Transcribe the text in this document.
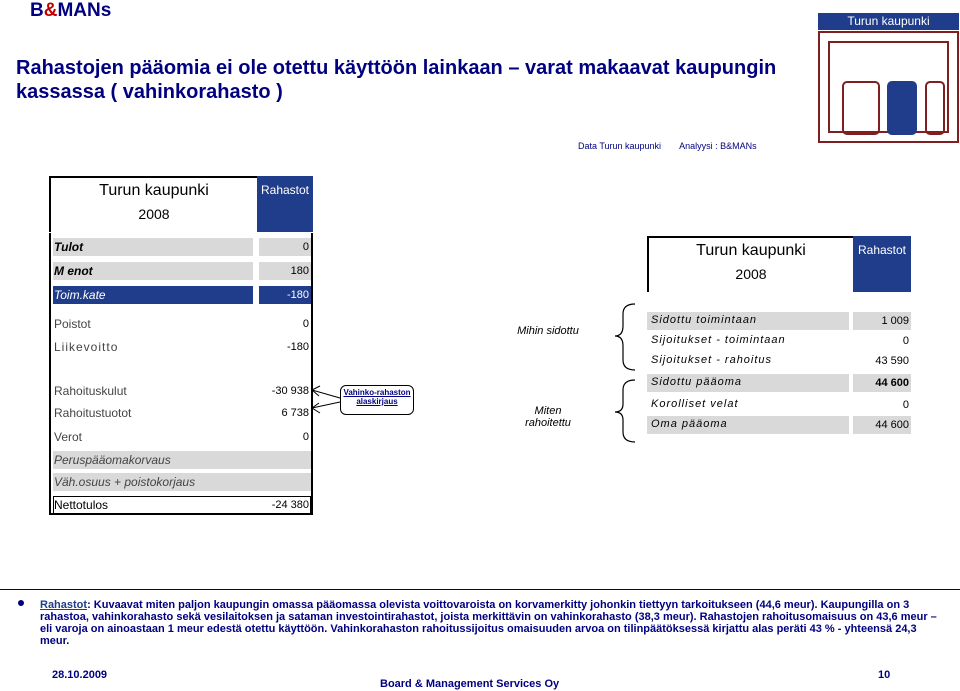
B&MANs	Turun kaupunki
Rahastojen pääomia ei ole otettu käyttöön lainkaan – varat makaavat kaupungin kassassa ( vahinkorahasto )
Data Turun kaupunki Analyysi : B&MANs
Turun kaupunki
2008
Rahastot
Tulot	0
M enot	180
Toim.kate	-180
Poistot	0
Liikevoitto	-180
Rahoituskulut	-30 938
Rahoitustuotot	6 738
Verot	0
Peruspääomakorvaus
Väh.osuus + poistokorjaus
Nettotulos	-24 380
Vahinko-rahaston alaskirjaus
Mihin sidottu
Miten rahoitettu
Turun kaupunki
2008
Rahastot
Sidottu toimintaan	1 009
Sijoitukset - toimintaan	0
Sijoitukset - rahoitus	43 590
Sidottu pääoma	44 600
Korolliset velat	0
Oma pääoma	44 600
Rahastot: Kuvaavat miten paljon kaupungin omassa pääomassa olevista voittovaroista on korvamerkitty johonkin tiettyyn tarkoitukseen (44,6 meur). Kaupungilla on 3 rahastoa, vahinkorahasto sekä vesilaitoksen ja sataman investointirahastot, joista merkittävin on vahinkorahasto (38,3 meur). Rahastojen rahoitusomaisuus on 43,6 meur – eli varoja on ainoastaan 1 meur edestä otettu käyttöön. Vahinkorahaston rahoitussijoitus omaisuuden arvoa on tilinpäätöksessä kirjattu alas peräti 43 % - yhteensä 24,3 meur.
28.10.2009
Board & Management Services Oy
10
